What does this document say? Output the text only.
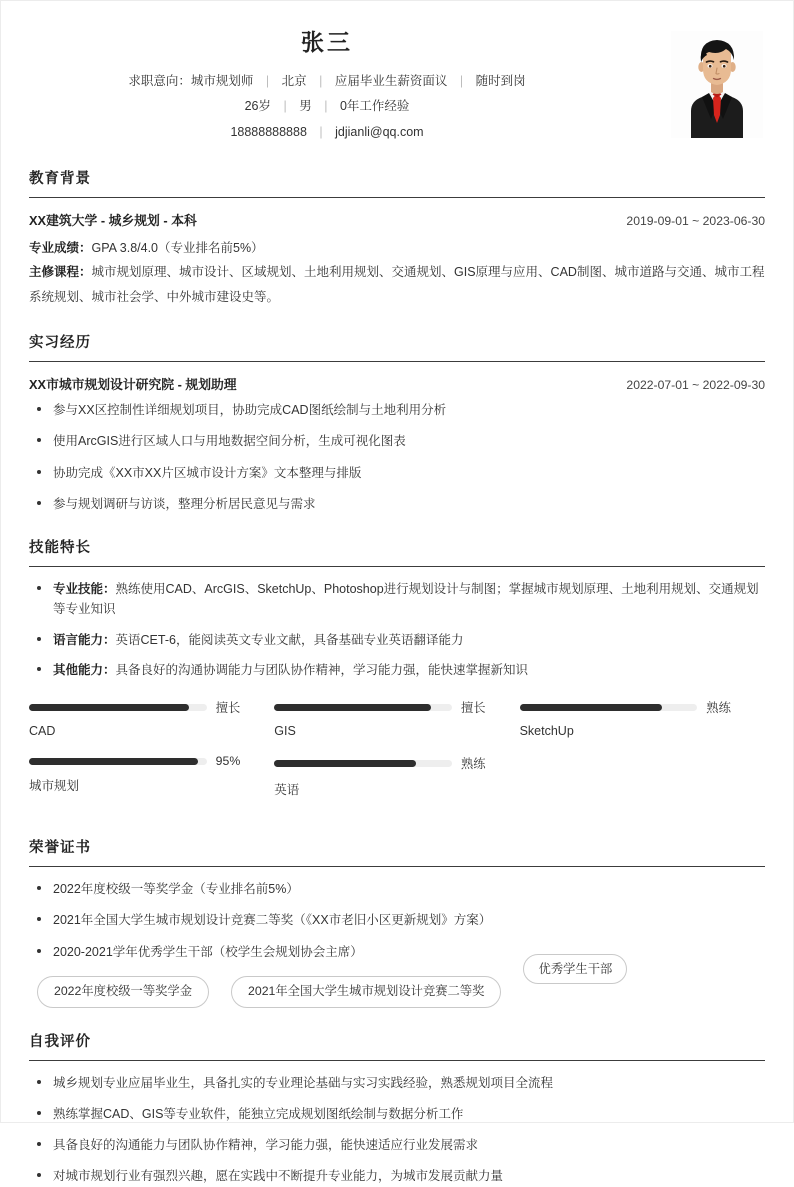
张三
求职意向：城市规划师 | 北京 | 应届毕业生薪资面议 | 随时到岗
26岁 | 男 | 0年工作经验
18888888888 | jdjianli@qq.com
教育背景
XX建筑大学 - 城乡规划 - 本科	2019-09-01 ~ 2023-06-30
专业成绩：GPA 3.8/4.0（专业排名前5%）
主修课程：城市规划原理、城市设计、区域规划、土地利用规划、交通规划、GIS原理与应用、CAD制图、城市道路与交通、城市工程系统规划、城市社会学、中外城市建设史等。
实习经历
XX市城市规划设计研究院 - 规划助理	2022-07-01 ~ 2022-09-30
参与XX区控制性详细规划项目，协助完成CAD图纸绘制与土地利用分析
使用ArcGIS进行区域人口与用地数据空间分析，生成可视化图表
协助完成《XX市XX片区城市设计方案》文本整理与排版
参与规划调研与访谈，整理分析居民意见与需求
技能特长
专业技能：熟练使用CAD、ArcGIS、SketchUp、Photoshop进行规划设计与制图；掌握城市规划原理、土地利用规划、交通规划等专业知识
语言能力：英语CET-6，能阅读英文专业文献，具备基础专业英语翻译能力
其他能力：具备良好的沟通协调能力与团队协作精神，学习能力强，能快速掌握新知识
擅长
CAD
擅长
GIS
熟练
SketchUp
95%
城市规划
熟练
英语
荣誉证书
2022年度校级一等奖学金（专业排名前5%）
2021年全国大学生城市规划设计竞赛二等奖（《XX市老旧小区更新规划》方案）
2020-2021学年优秀学生干部（校学生会规划协会主席）
2022年度校级一等奖学金	2021年全国大学生城市规划设计竞赛二等奖
优秀学生干部
自我评价
城乡规划专业应届毕业生，具备扎实的专业理论基础与实习实践经验，熟悉规划项目全流程
熟练掌握CAD、GIS等专业软件，能独立完成规划图纸绘制与数据分析工作
具备良好的沟通能力与团队协作精神，学习能力强，能快速适应行业发展需求
对城市规划行业有强烈兴趣，愿在实践中不断提升专业能力，为城市发展贡献力量
